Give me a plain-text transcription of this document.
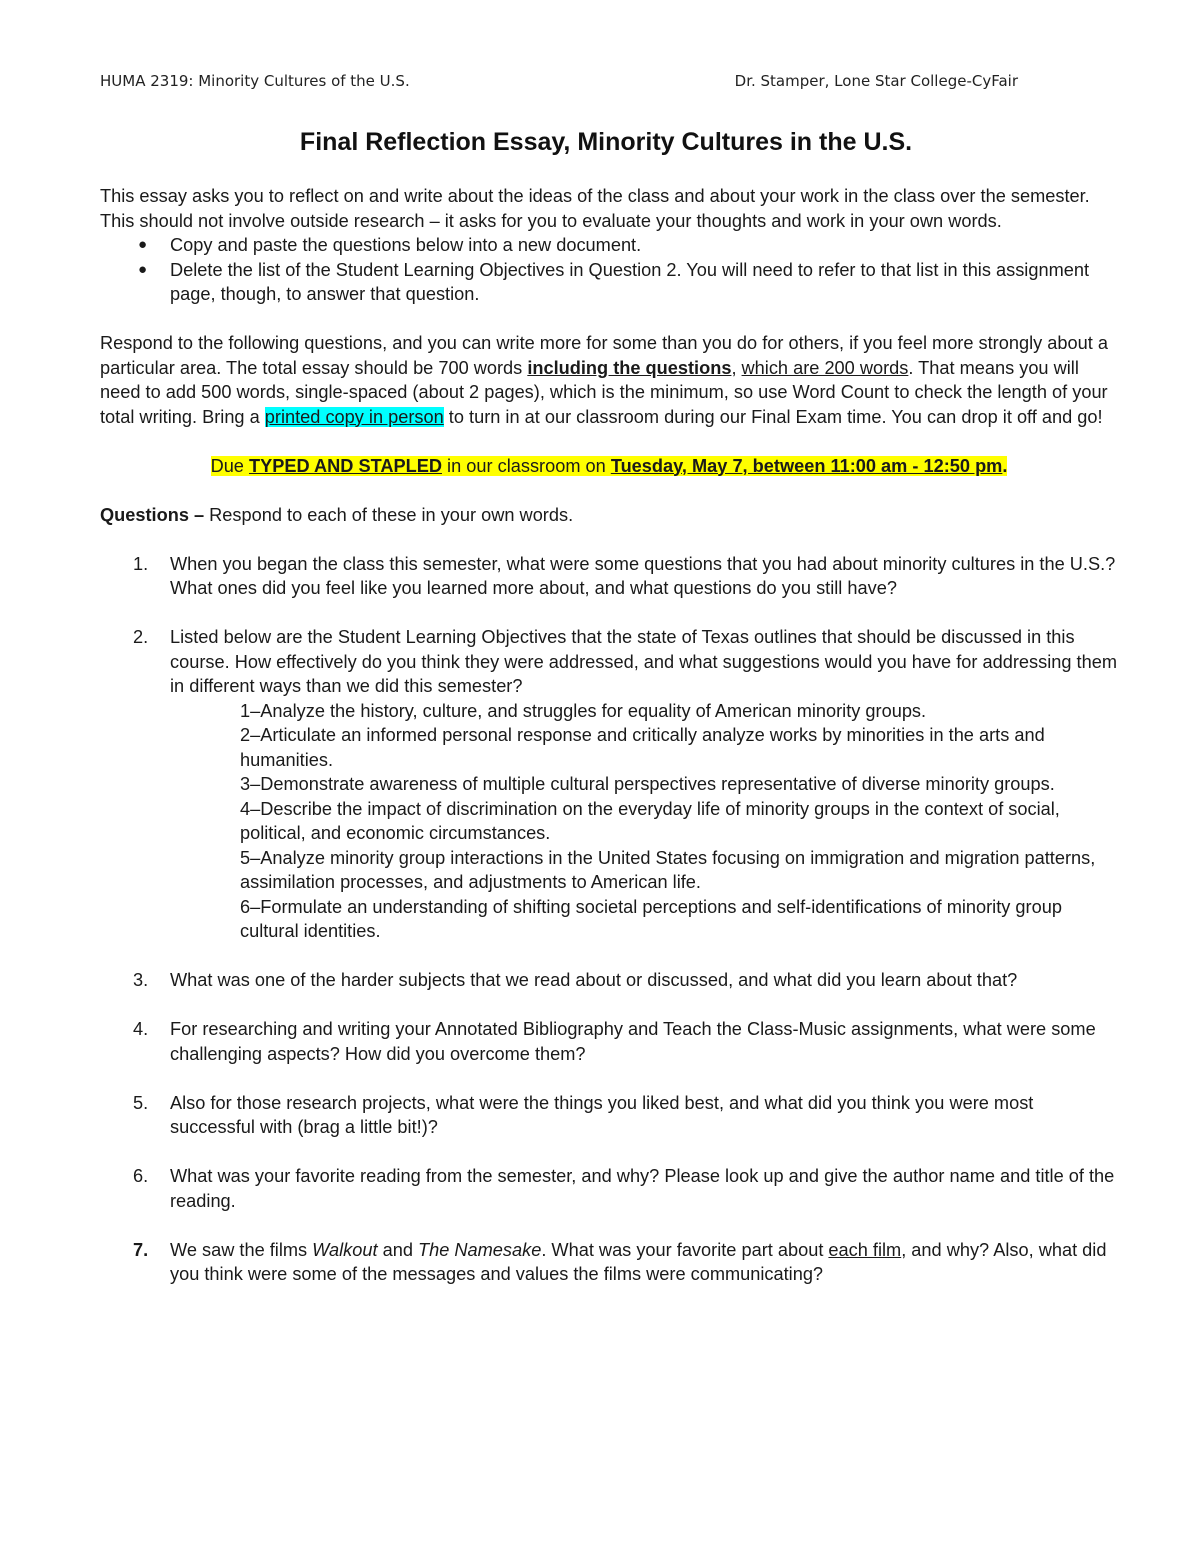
HUMA 2319: Minority Cultures of the U.S.	Dr. Stamper, Lone Star College-CyFair
Final Reflection Essay, Minority Cultures in the U.S.

This essay asks you to reflect on and write about the ideas of the class and about your work in the class over the semester. This should not involve outside research – it asks for you to evaluate your thoughts and work in your own words.

● Copy and paste the questions below into a new document.
● Delete the list of the Student Learning Objectives in Question 2. You will need to refer to that list in this assignment page, though, to answer that question.

Respond to the following questions, and you can write more for some than you do for others, if you feel more strongly about a particular area. The total essay should be 700 words including the questions, which are 200 words. That means you will need to add 500 words, single-spaced (about 2 pages), which is the minimum, so use Word Count to check the length of your total writing. Bring a printed copy in person to turn in at our classroom during our Final Exam time. You can drop it off and go!

Due TYPED AND STAPLED in our classroom on Tuesday, May 7, between 11:00 am - 12:50 pm.

Questions – Respond to each of these in your own words.

1. When you began the class this semester, what were some questions that you had about minority cultures in the U.S.? What ones did you feel like you learned more about, and what questions do you still have?
2. Listed below are the Student Learning Objectives that the state of Texas outlines that should be discussed in this course. How effectively do you think they were addressed, and what suggestions would you have for addressing them in different ways than we did this semester?
1–Analyze the history, culture, and struggles for equality of American minority groups.
2–Articulate an informed personal response and critically analyze works by minorities in the arts and humanities.
3–Demonstrate awareness of multiple cultural perspectives representative of diverse minority groups.
4–Describe the impact of discrimination on the everyday life of minority groups in the context of social, political, and economic circumstances.
5–Analyze minority group interactions in the United States focusing on immigration and migration patterns, assimilation processes, and adjustments to American life.
6–Formulate an understanding of shifting societal perceptions and self-identifications of minority group cultural identities.
3. What was one of the harder subjects that we read about or discussed, and what did you learn about that?
4. For researching and writing your Annotated Bibliography and Teach the Class-Music assignments, what were some challenging aspects? How did you overcome them?
5. Also for those research projects, what were the things you liked best, and what did you think you were most successful with (brag a little bit!)?
6. What was your favorite reading from the semester, and why? Please look up and give the author name and title of the reading.
7. We saw the films Walkout and The Namesake. What was your favorite part about each film, and why? Also, what did you think were some of the messages and values the films were communicating?
